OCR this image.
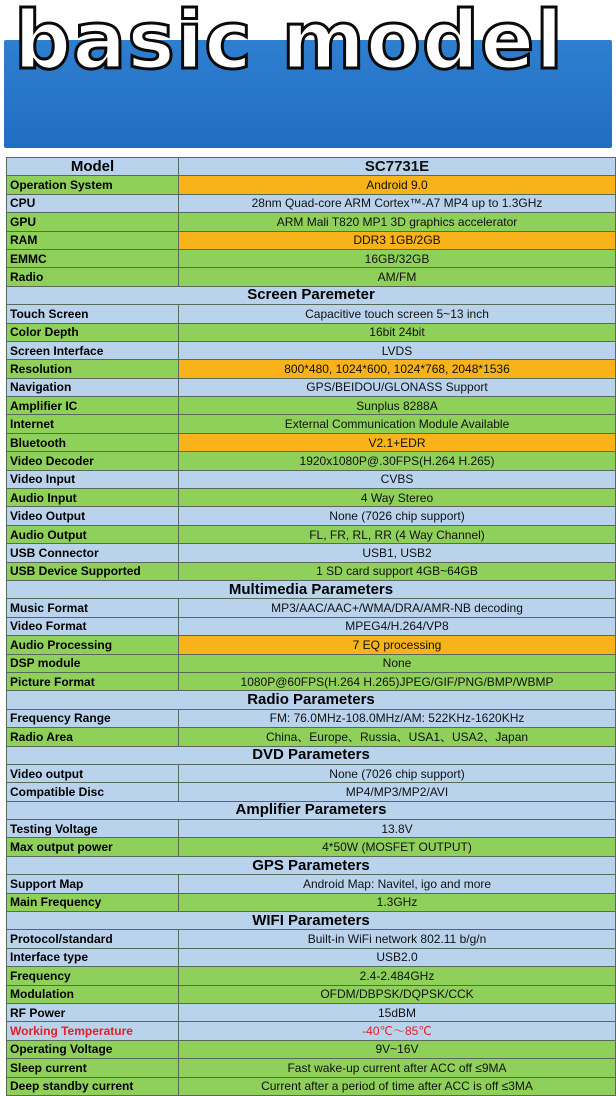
basic model
Model	SC7731E
Operation System	Android 9.0
CPU	28nm Quad-core ARM Cortex™-A7 MP4 up to 1.3GHz
GPU	ARM Mali T820 MP1 3D graphics accelerator
RAM	DDR3 1GB/2GB
EMMC	16GB/32GB
Radio	AM/FM
Screen Paremeter	
Touch Screen	Capacitive touch screen 5~13 inch
Color Depth	16bit 24bit
Screen Interface	LVDS
Resolution	800*480, 1024*600, 1024*768, 2048*1536
Navigation	GPS/BEIDOU/GLONASS Support
Amplifier IC	Sunplus 8288A
Internet	External Communication Module Available
Bluetooth	V2.1+EDR
Video Decoder	1920x1080P@.30FPS(H.264 H.265)
Video Input	CVBS
Audio Input	4 Way Stereo
Video Output	None (7026 chip support)
Audio Output	FL, FR, RL, RR (4 Way Channel)
USB Connector	USB1, USB2
USB Device Supported	1 SD card support 4GB~64GB
Multimedia Parameters	
Music Format	MP3/AAC/AAC+/WMA/DRA/AMR-NB decoding
Video Format	MPEG4/H.264/VP8
Audio Processing	7 EQ processing
DSP module	None
Picture Format	1080P@60FPS(H.264 H.265)JPEG/GIF/PNG/BMP/WBMP
Radio Parameters	
Frequency Range	FM: 76.0MHz-108.0MHz/AM: 522KHz-1620KHz
Radio Area	China、Europe、Russia、USA1、USA2、Japan
DVD Parameters	
Video output	None (7026 chip support)
Compatible Disc	MP4/MP3/MP2/AVI
Amplifier Parameters	
Testing Voltage	13.8V
Max output power	4*50W (MOSFET OUTPUT)
GPS Parameters	
Support Map	Android Map: Navitel, igo and more
Main Frequency	1.3GHz
WIFI Parameters	
Protocol/standard	Built-in WiFi network 802.11 b/g/n
Interface type	USB2.0
Frequency	2.4-2.484GHz
Modulation	OFDM/DBPSK/DQPSK/CCK
RF Power	15dBM
Working Temperature	-40℃～85℃
Operating Voltage	9V~16V
Sleep current	Fast wake-up current after ACC off ≤9MA
Deep standby current	Current after a period of time after ACC is off ≤3MA
